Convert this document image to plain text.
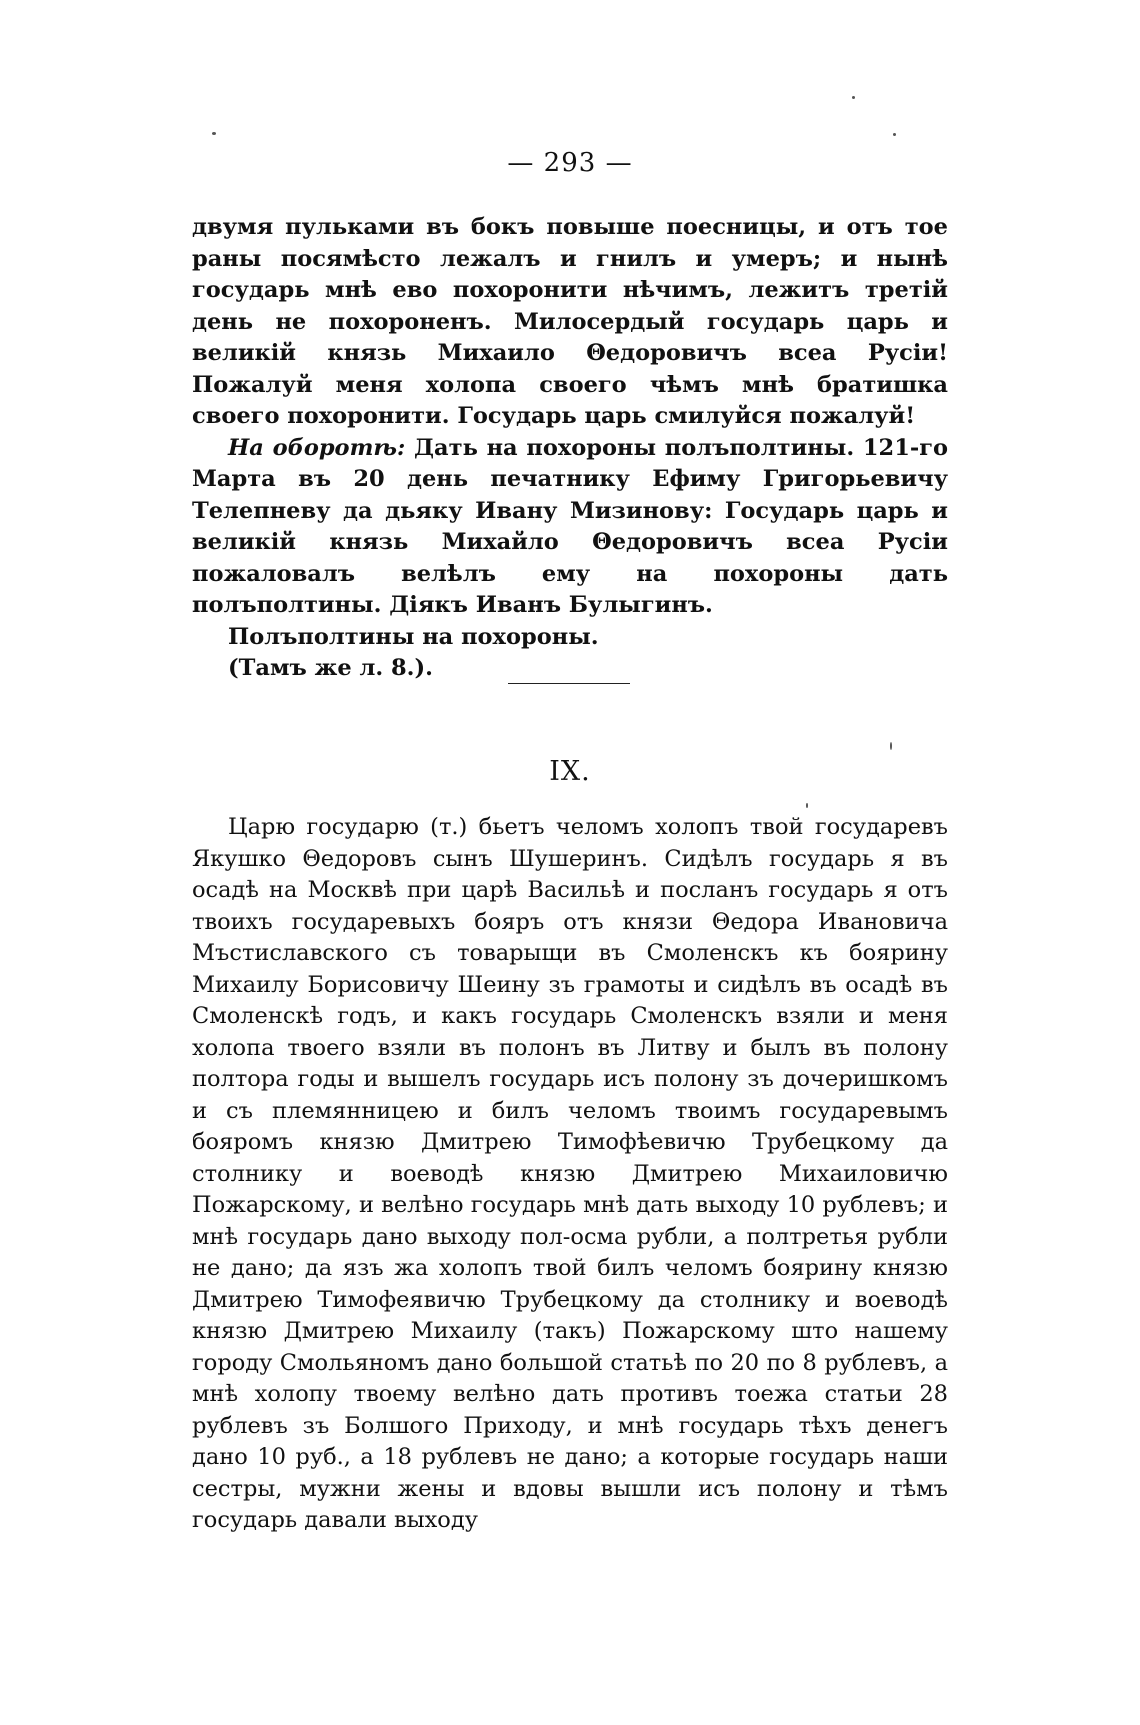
— 293 —

двумя пульками въ бокъ повыше поесницы, и отъ тое раны посямѣсто лежалъ и гнилъ и умеръ; и нынѣ государь мнѣ ево похоронити нѣчимъ, лежитъ третій день не похороненъ. Милосердый государь царь и великій князь Михаило Θедоровичъ всеа Русіи! Пожалуй меня холопа своего чѣмъ мнѣ братишка своего похоронити. Государь царь смилуйся пожалуй!

На оборотѣ: Дать на похороны полъполтины. 121-го Марта въ 20 день печатнику Ефиму Григорьевичу Телепневу да дьяку Ивану Мизинову: Государь царь и великій князь Михайло Θедоровичъ всеа Русіи пожаловалъ велѣлъ ему на похороны дать полъполтины. Діякъ Иванъ Булыгинъ.

Полъполтины на похороны.

(Тамъ же л. 8.).

IX.

Царю государю (т.) бьетъ челомъ холопъ твой государевъ Якушко Θедоровъ сынъ Шушеринъ. Сидѣлъ государь я въ осадѣ на Москвѣ при царѣ Васильѣ и посланъ государь я отъ твоихъ государевыхъ бояръ отъ князи Θедора Ивановича Мъстиславского съ товарыщи въ Смоленскъ къ боярину Михаилу Борисовичу Шеину зъ грамоты и сидѣлъ въ осадѣ въ Смоленскѣ годъ, и какъ государь Смоленскъ взяли и меня холопа твоего взяли въ полонъ въ Литву и былъ въ полону полтора годы и вышелъ государь исъ полону зъ дочеришкомъ и съ племянницею и билъ челомъ твоимъ государевымъ бояромъ князю Дмитрею Тимофѣевичю Трубецкому да столнику и воеводѣ князю Дмитрею Михаиловичю Пожарскому, и велѣно государь мнѣ дать выходу 10 рублевъ; и мнѣ государь дано выходу пол-осма рубли, а полтретья рубли не дано; да язъ жа холопъ твой билъ челомъ боярину князю Дмитрею Тимофеявичю Трубецкому да столнику и воеводѣ князю Дмитрею Михаилу (такъ) Пожарскому што нашему городу Смольяномъ дано большой статьѣ по 20 по 8 рублевъ, а мнѣ холопу твоему велѣно дать противъ тоежа статьи 28 рублевъ зъ Болшого Приходу, и мнѣ государь тѣхъ денегъ дано 10 руб., а 18 рублевъ не дано; а которые государь наши сестры, мужни жены и вдовы вышли исъ полону и тѣмъ государь давали выходу
